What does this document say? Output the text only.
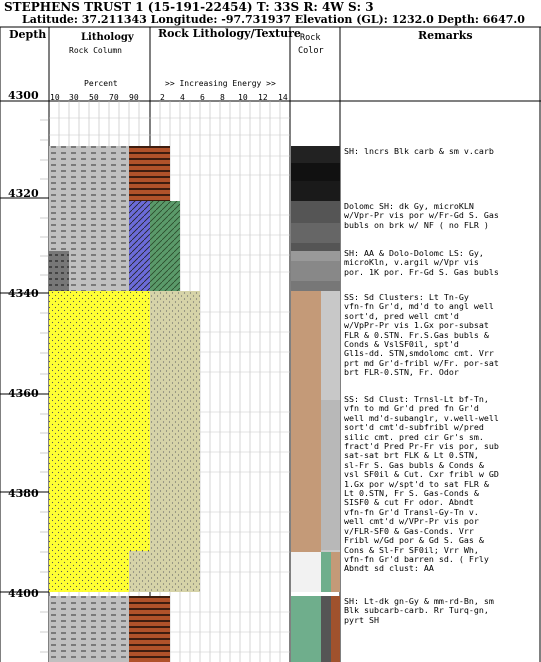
STEPHENS TRUST 1 (15-191-22454) T: 33S R: 4W S: 3
Latitude: 37.211343 Longitude: -97.731937 Elevation (GL): 1232.0 Depth: 6647.0
Depth	Lithology
Rock Column
Percent
Rock Lithology/Texture
>> Increasing Energy >>
Rock
Color
Remarks
10 30 50 70 90	2 4 6 8 10 12 14
4300
4320
4340
4360
4380
4400
SH: lncrs Blk carb & sm v.carb
Dolomc SH: dk Gy, microKLN
w/Vpr-Pr vis por w/Fr-Gd S. Gas
bubls on brk w/ NF ( no FLR )
SH: AA & Dolo-Dolomc LS: Gy,
microKln, v.argil w/Vpr vis
por. 1K por. Fr-Gd S. Gas bubls
SS: Sd Clusters: Lt Tn-Gy
vfn-fn Gr'd, md'd to angl well
sort'd, pred well cmt'd
w/VpPr-Pr vis 1.Gx por-subsat
FLR & 0.STN. Fr.S.Gas bubls &
Conds & VslSF0il, spt'd
Gl1s-dd. STN,smdolomc cmt. Vrr
prt md Gr'd-fribl w/Fr. por-sat
brt FLR-0.STN, Fr. Odor
SS: Sd Clust: Trnsl-Lt bf-Tn,
vfn to md Gr'd pred fn Gr'd
well md'd-subanglr, v.well-well
sort'd cmt'd-subfribl w/pred
silic cmt. pred cir Gr's sm.
fract'd Pred Pr-Fr vis por, sub
sat-sat brt FLK & Lt 0.STN,
sl-Fr S. Gas bubls & Conds &
vsl SF0il & Cut. Cxr fribl w GD
1.Gx por w/spt'd to sat FLR &
Lt 0.STN, Fr S. Gas-Conds &
SISF0 & cut Fr odor. Abndt
vfn-fn Gr'd Transl-Gy-Tn v.
well cmt'd w/VPr-Pr vis por
v/FLR-SF0 & Gas-Conds. Vrr
Fribl w/Gd por & Gd S. Gas &
Cons & Sl-Fr SF0il; Vrr Wh,
vfn-fn Gr'd barren sd. ( Frly
Abndt sd clust: AA
SH: Lt-dk gn-Gy & mm-rd-Bn, sm
Blk subcarb-carb. Rr Turq-gn,
pyrt SH
